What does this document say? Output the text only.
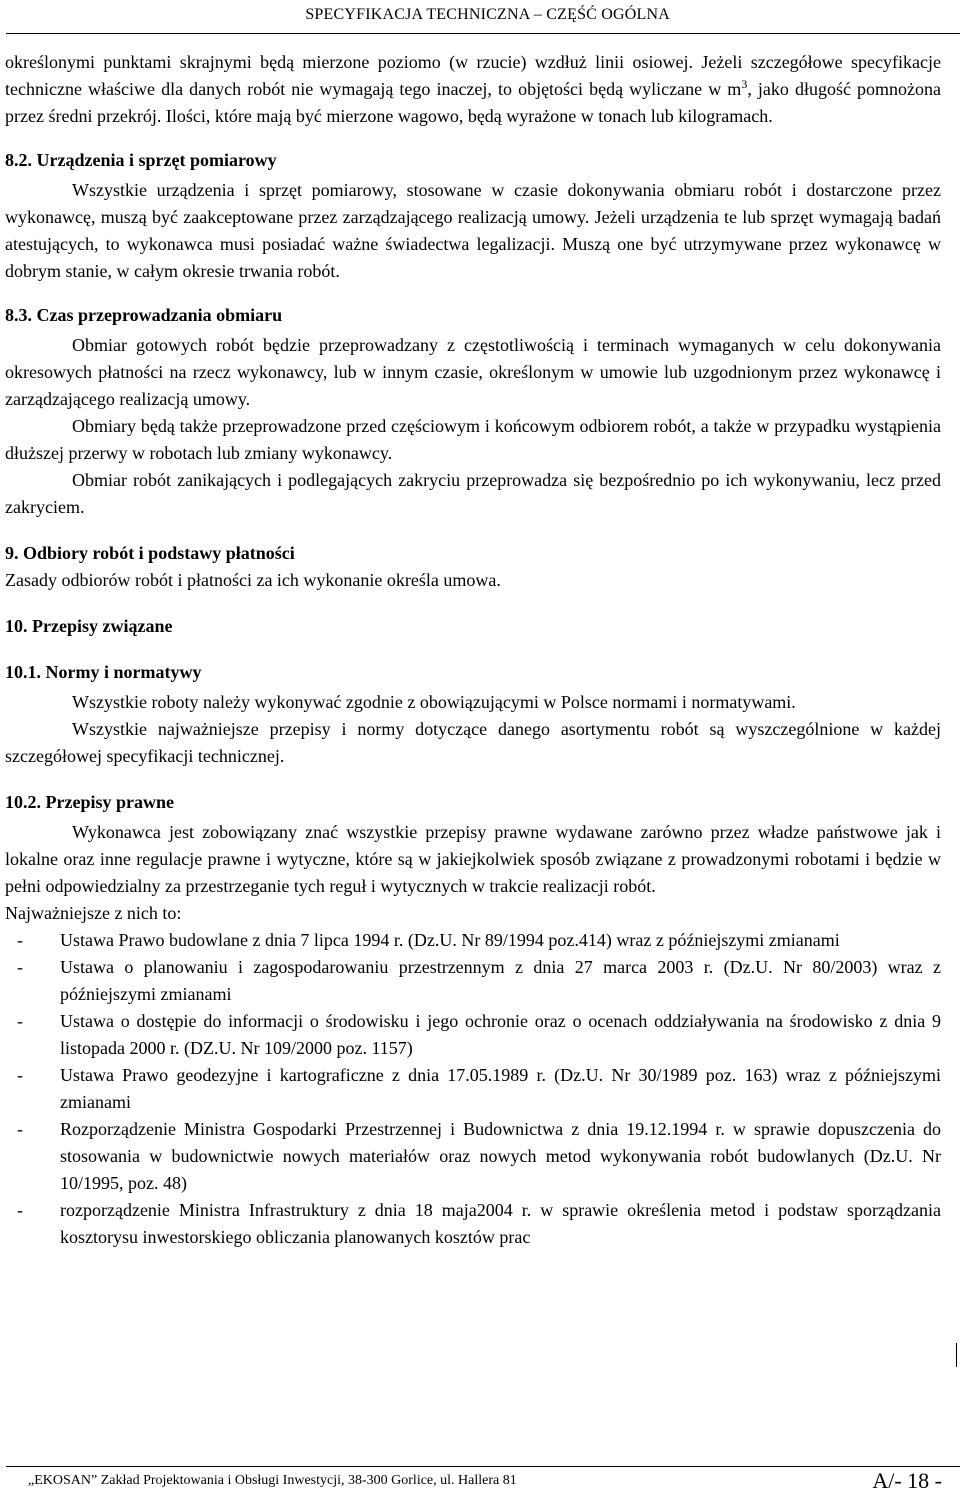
SPECYFIKACJA TECHNICZNA – CZĘŚĆ OGÓLNA

określonymi punktami skrajnymi będą mierzone poziomo (w rzucie) wzdłuż linii osiowej. Jeżeli szczegółowe specyfikacje techniczne właściwe dla danych robót nie wymagają tego inaczej, to objętości będą wyliczane w $m^3$, jako długość pomnożona przez średni przekrój. Ilości, które mają być mierzone wagowo, będą wyrażone w tonach lub kilogramach.

8.2. Urządzenia i sprzęt pomiarowy

Wszystkie urządzenia i sprzęt pomiarowy, stosowane w czasie dokonywania obmiaru robót i dostarczone przez wykonawcę, muszą być zaakceptowane przez zarządzającego realizacją umowy. Jeżeli urządzenia te lub sprzęt wymagają badań atestujących, to wykonawca musi posiadać ważne świadectwa legalizacji. Muszą one być utrzymywane przez wykonawcę w dobrym stanie, w całym okresie trwania robót.

8.3. Czas przeprowadzania obmiaru

Obmiar gotowych robót będzie przeprowadzany z częstotliwością i terminach wymaganych w celu dokonywania okresowych płatności na rzecz wykonawcy, lub w innym czasie, określonym w umowie lub uzgodnionym przez wykonawcę i zarządzającego realizacją umowy.

Obmiary będą także przeprowadzone przed częściowym i końcowym odbiorem robót, a także w przypadku wystąpienia dłuższej przerwy w robotach lub zmiany wykonawcy.

Obmiar robót zanikających i podlegających zakryciu przeprowadza się bezpośrednio po ich wykonywaniu, lecz przed zakryciem.

9. Odbiory robót i podstawy płatności

Zasady odbiorów robót i płatności za ich wykonanie określa umowa.

10. Przepisy związane
10.1. Normy i normatywy

Wszystkie roboty należy wykonywać zgodnie z obowiązującymi w Polsce normami i normatywami.

Wszystkie najważniejsze przepisy i normy dotyczące danego asortymentu robót są wyszczególnione w każdej szczegółowej specyfikacji technicznej.

10.2. Przepisy prawne

Wykonawca jest zobowiązany znać wszystkie przepisy prawne wydawane zarówno przez władze państwowe jak i lokalne oraz inne regulacje prawne i wytyczne, które są w jakiejkolwiek sposób związane z prowadzonymi robotami i będzie w pełni odpowiedzialny za przestrzeganie tych reguł i wytycznych w trakcie realizacji robót.

Najważniejsze z nich to:

- Ustawa Prawo budowlane z dnia 7 lipca 1994 r. (Dz.U. Nr 89/1994 poz.414) wraz z późniejszymi zmianami
- Ustawa o planowaniu i zagospodarowaniu przestrzennym z dnia 27 marca 2003 r. (Dz.U. Nr 80/2003) wraz z późniejszymi zmianami
- Ustawa o dostępie do informacji o środowisku i jego ochronie oraz o ocenach oddziaływania na środowisko z dnia 9 listopada 2000 r. (DZ.U. Nr 109/2000 poz. 1157)
- Ustawa Prawo geodezyjne i kartograficzne z dnia 17.05.1989 r. (Dz.U. Nr 30/1989 poz. 163) wraz z późniejszymi zmianami
- Rozporządzenie Ministra Gospodarki Przestrzennej i Budownictwa z dnia 19.12.1994 r. w sprawie dopuszczenia do stosowania w budownictwie nowych materiałów oraz nowych metod wykonywania robót budowlanych (Dz.U. Nr 10/1995, poz. 48)
- rozporządzenie Ministra Infrastruktury z dnia 18 maja2004 r. w sprawie określenia metod i podstaw sporządzania kosztorysu inwestorskiego obliczania planowanych kosztów prac
„EKOSAN” Zakład Projektowania i Obsługi Inwestycji, 38-300 Gorlice, ul. Hallera 81	A/- 18 -
